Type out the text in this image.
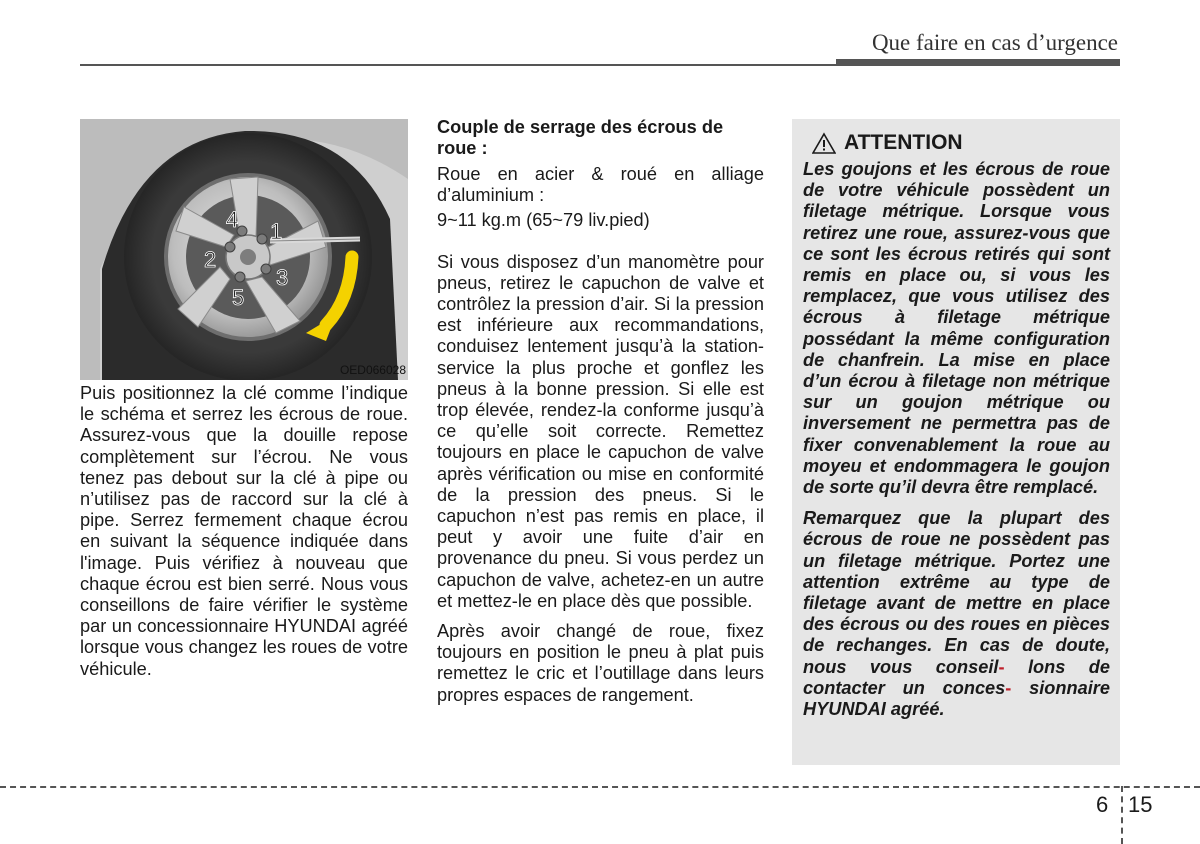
Que faire en cas d’urgence
1
2
3
4
5
OED066028

Puis positionnez la clé comme l’indique le schéma et serrez les écrous de roue. Assurez-vous que la douille repose complètement sur l’écrou. Ne vous tenez pas debout sur la clé à pipe ou n’utilisez pas de raccord sur la clé à pipe. Serrez fermement chaque écrou en suivant la séquence indiquée dans l'image. Puis vérifiez à nouveau que chaque écrou est bien serré. Nous vous conseillons de faire vérifier le système par un concessionnaire HYUNDAI agréé lorsque vous changez les roues de votre véhicule.

Couple de serrage des écrous de roue :

Roue en acier & roué en alliage d’aluminium :

9~11 kg.m (65~79 liv.pied)

Si vous disposez d’un manomètre pour pneus, retirez le capuchon de valve et contrôlez la pression d’air. Si la pression est inférieure aux recommandations, conduisez lentement jusqu’à la station-service la plus proche et gonflez les pneus à la bonne pression. Si elle est trop élevée, rendez-la conforme jusqu’à ce qu’elle soit correcte. Remettez toujours en place le capuchon de valve après vérification ou mise en conformité de la pression des pneus. Si le capuchon n’est pas remis en place, il peut y avoir une fuite d’air en provenance du pneu. Si vous perdez un capuchon de valve, achetez-en un autre et mettez-le en place dès que possible.

Après avoir changé de roue, fixez toujours en position le pneu à plat puis remettez le cric et l’outillage dans leurs propres espaces de rangement.

ATTENTION

Les goujons et les écrous de roue de votre véhicule possèdent un filetage métrique. Lorsque vous retirez une roue, assurez-vous que ce sont les écrous retirés qui sont remis en place ou, si vous les remplacez, que vous utilisez des écrous à filetage métrique possédant la même configuration de chanfrein. La mise en place d’un écrou à filetage non métrique sur un goujon métrique ou inversement ne permettra pas de fixer convenablement la roue au moyeu et endommagera le goujon de sorte qu’il devra être remplacé.

Remarquez que la plupart des écrous de roue ne possèdent pas un filetage métrique. Portez une attention extrême au type de filetage avant de mettre en place des écrous ou des roues en pièces de rechanges. En cas de doute, nous vous conseil- lons de contacter un conces- sionnaire HYUNDAI agréé.

6 15
